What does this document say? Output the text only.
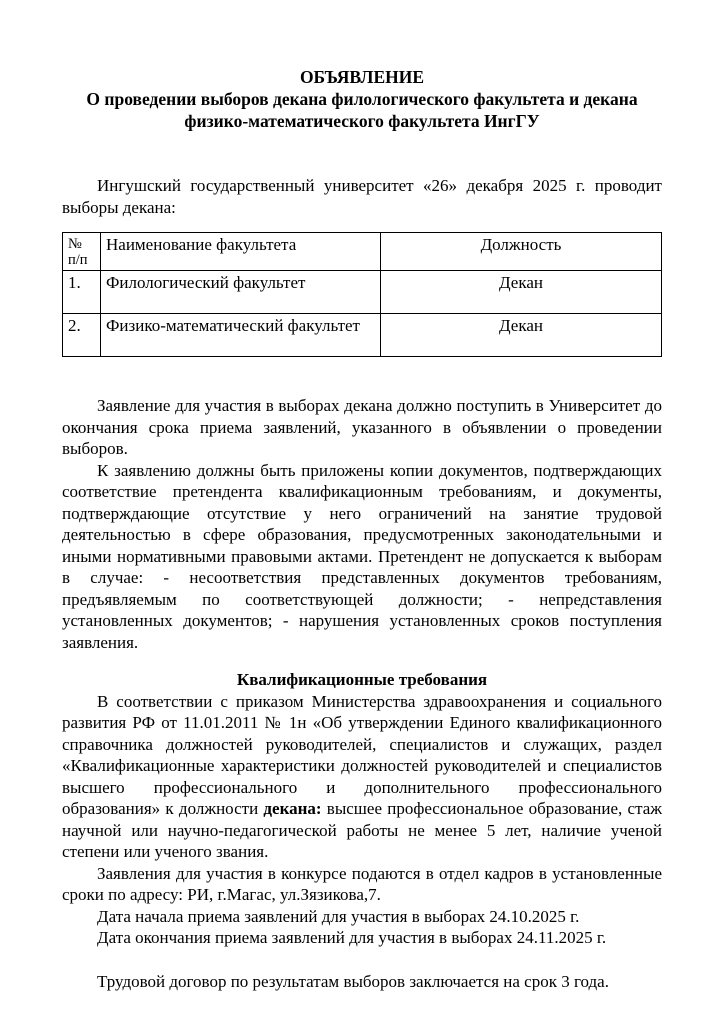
ОБЪЯВЛЕНИЕ
О проведении выборов декана филологического факультета и декана физико-математического факультета ИнгГУ

Ингушский государственный университет «26» декабря 2025 г. проводит выборы декана:

№ п/п	Наименование факультета	Должность
1.	Филологический факультет	Декан
2.	Физико-математический факультет	Декан

Заявление для участия в выборах декана должно поступить в Университет до окончания срока приема заявлений, указанного в объявлении о проведении выборов.

К заявлению должны быть приложены копии документов, подтверждающих соответствие претендента квалификационным требованиям, и документы, подтверждающие отсутствие у него ограничений на занятие трудовой деятельностью в сфере образования, предусмотренных законодательными и иными нормативными правовыми актами. Претендент не допускается к выборам в случае: - несоответствия представленных документов требованиям, предъявляемым по соответствующей должности; - непредставления установленных документов; - нарушения установленных сроков поступления заявления.

Квалификационные требования

В соответствии с приказом Министерства здравоохранения и социального развития РФ от 11.01.2011 № 1н «Об утверждении Единого квалификационного справочника должностей руководителей, специалистов и служащих, раздел «Квалификационные характеристики должностей руководителей и специалистов высшего профессионального и дополнительного профессионального образования» к должности декана: высшее профессиональное образование, стаж научной или научно-педагогической работы не менее 5 лет, наличие ученой степени или ученого звания.

Заявления для участия в конкурсе подаются в отдел кадров в установленные сроки по адресу: РИ, г.Магас, ул.Зязикова,7.

Дата начала приема заявлений для участия в выборах 24.10.2025 г.

Дата окончания приема заявлений для участия в выборах 24.11.2025 г.

Трудовой договор по результатам выборов заключается на срок 3 года.
